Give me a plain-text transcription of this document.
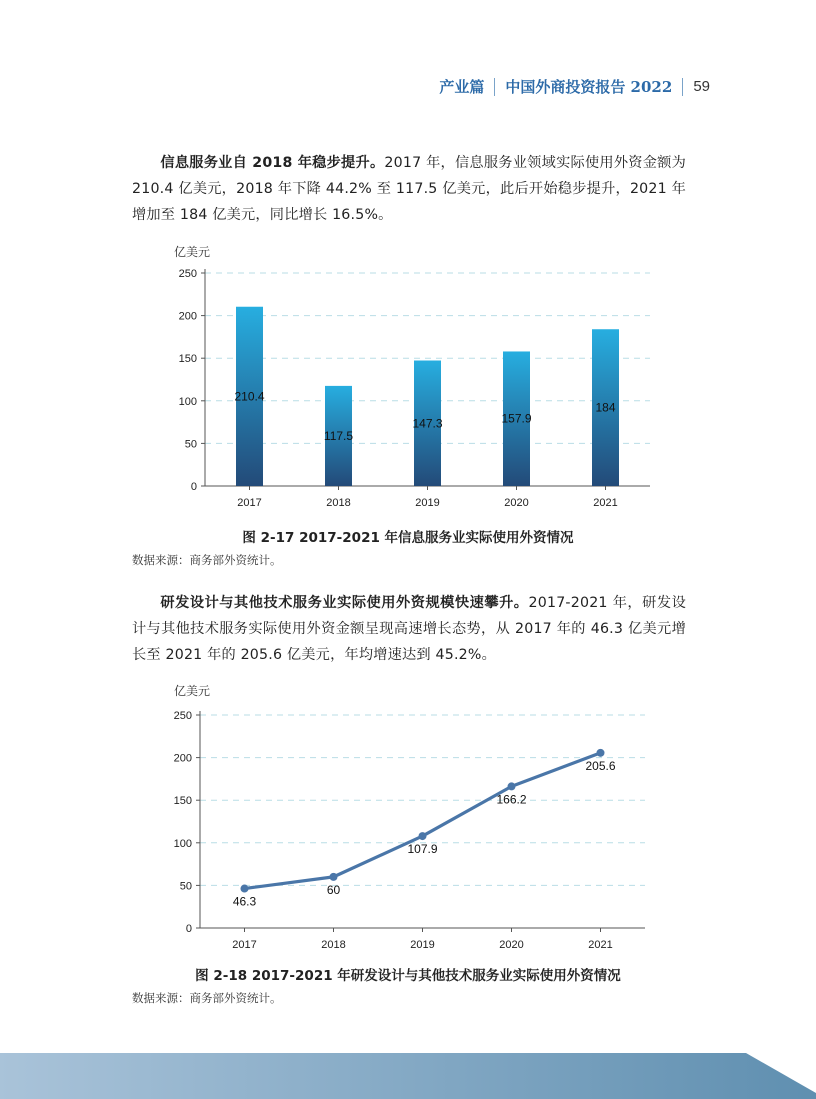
产业篇 中国外商投资报告 2022 59
信息服务业自 2018 年稳步提升。2017 年，信息服务业领域实际使用外资金额为 210.4 亿美元，2018 年下降 44.2% 至 117.5 亿美元，此后开始稳步提升，2021 年增加至 184 亿美元，同比增长 16.5%。
亿美元
0
50
100
150
200
250
210.4
2017
117.5
2018
147.3
2019
157.9
2020
184
2021
图 2-17 2017-2021 年信息服务业实际使用外资情况
数据来源：商务部外资统计。
研发设计与其他技术服务业实际使用外资规模快速攀升。2017-2021 年，研发设计与其他技术服务实际使用外资金额呈现高速增长态势，从 2017 年的 46.3 亿美元增长至 2021 年的 205.6 亿美元，年均增速达到 45.2%。
亿美元
0
50
100
150
200
250
46.3
2017
60
2018
107.9
2019
166.2
2020
205.6
2021
图 2-18 2017-2021 年研发设计与其他技术服务业实际使用外资情况
数据来源：商务部外资统计。
